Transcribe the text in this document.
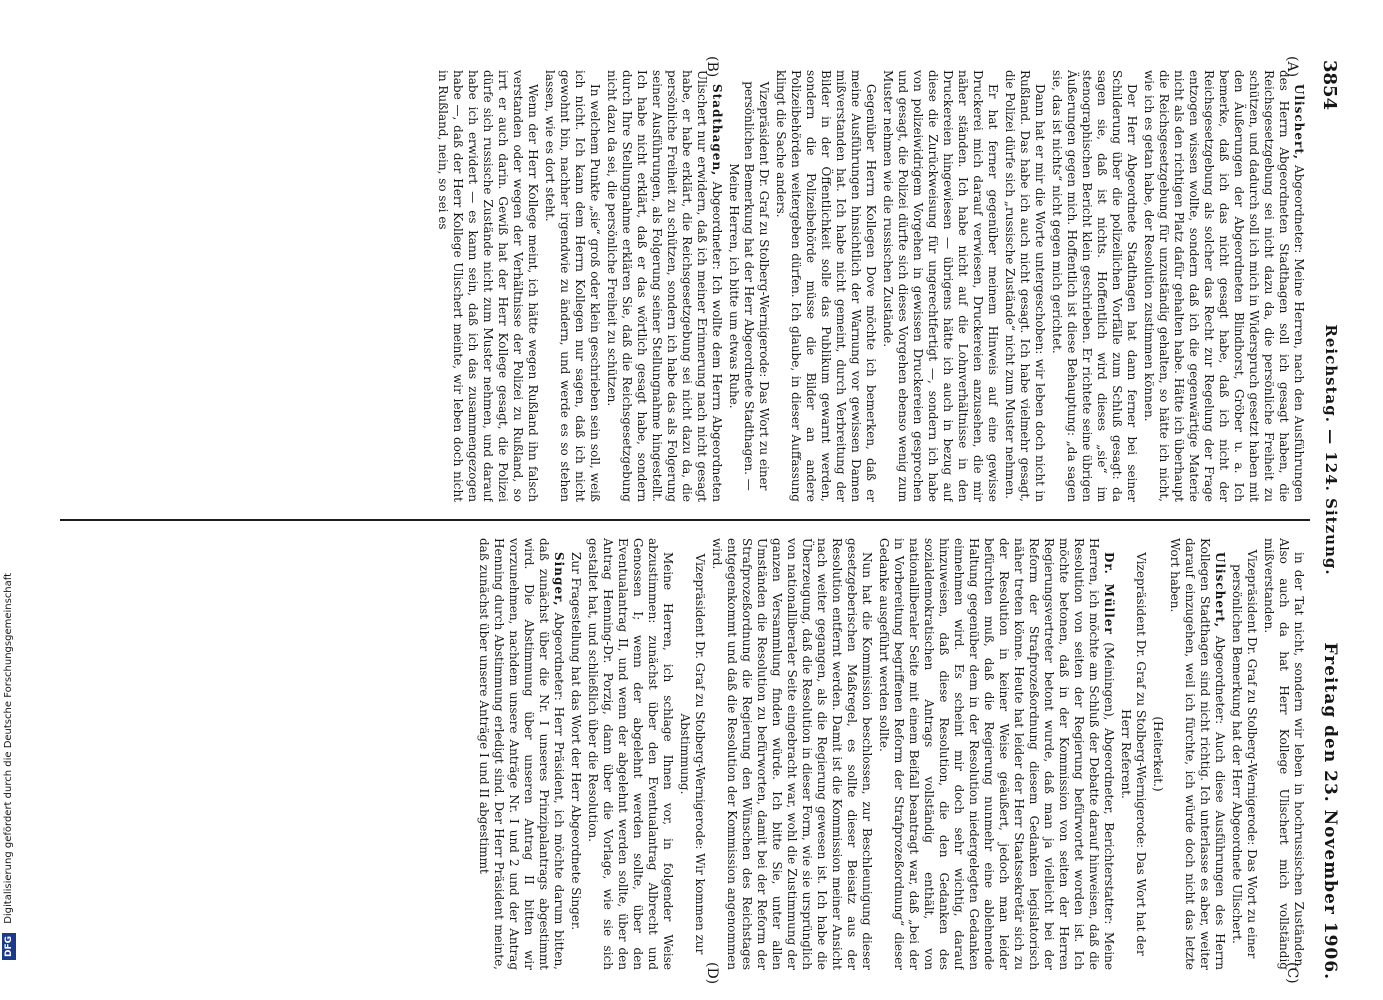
3854
Reichstag. — 124. Sitzung.
Freitag den 23. November 1906.
(A)
(B)
(C)
(D)

Ulischert, Abgeordneter: Meine Herren, nach den Ausführungen des Herrn Abgeordneten Stadthagen soll ich gesagt haben, die Reichsgesetzgebung sei nicht dazu da, die persönliche Freiheit zu schützen, und dadurch soll ich mich in Widerspruch gesetzt haben mit den Äußerungen der Abgeordneten Blindhorst, Gröber u. a. Ich bemerke, daß ich das nicht gesagt habe, daß ich nicht der Reichsgesetzgebung als solcher das Recht zur Regelung der Frage entzogen wissen wollte, sondern daß ich die gegenwärtige Materie nicht als den richtigen Platz dafür gehalten habe. Hätte ich überhaupt die Reichsgesetzgebung für unzuständig gehalten, so hätte ich nicht, wie ich es getan habe, der Resolution zustimmen können.

Der Herr Abgeordnete Stadthagen hat dann ferner bei seiner Schilderung über die polizeilichen Vorfälle zum Schluß gesagt: da sagen sie, daß ist nichts. Hoffentlich wird dieses „sie“ im stenographischen Bericht klein geschrieben. Er richtete seine übrigen Äußerungen gegen mich. Hoffentlich ist diese Behauptung: „da sagen sie, das ist nichts“ nicht gegen mich gerichtet.

Dann hat er mir die Worte untergeschoben: wir leben doch nicht in Rußland. Das habe ich auch nicht gesagt. Ich habe vielmehr gesagt, die Polizei dürfe sich „russische Zustände“ nicht zum Muster nehmen.

Er hat ferner gegenüber meinem Hinweis auf eine gewisse Druckerei mich darauf verwiesen, Druckereien anzusehen, die mir näher ständen. Ich habe nicht auf die Lohnverhältnisse in den Druckereien hingewiesen — übrigens hätte ich auch in bezug auf diese die Zurückweisung für ungerechtfertigt —, sondern ich habe von polizeiwidrigem Vorgehen in gewissen Druckereien gesprochen und gesagt, die Polizei dürfte sich dieses Vorgehen ebenso wenig zum Muster nehmen wie die russischen Zustände.

Gegenüber Herrn Kollegen Dove möchte ich bemerken, daß er meine Ausführungen hinsichtlich der Warnung vor gewissen Damen mißverstanden hat. Ich habe nicht gemeint, durch Verbreitung der Bilder in der Öffentlichkeit solle das Publikum gewarnt werden, sondern die Polizeibehörde müsse die Bilder an andere Polizeibehörden weitergeben dürfen. Ich glaube, in dieser Auffassung klingt die Sache anders.

Vizepräsident Dr. Graf zu Stolberg-Wernigerode: Das Wort zu einer persönlichen Bemerkung hat der Herr Abgeordnete Stadthagen. — Meine Herren, ich bitte um etwas Ruhe.

Stadthagen, Abgeordneter: Ich wollte dem Herrn Abgeordneten Ulischert nur erwidern, daß ich meiner Erinnerung nach nicht gesagt habe, er habe erklärt, die Reichsgesetzgebung sei nicht dazu da, die persönliche Freiheit zu schützen, sondern ich habe das als Folgerung seiner Ausführungen, als Folgerung seiner Stellungnahme hingestellt. Ich habe nicht erklärt, daß er das wörtlich gesagt habe, sondern durch Ihre Stellungnahme erklären Sie, daß die Reichsgesetzgebung nicht dazu da sei, die persönliche Freiheit zu schützen.

In welchem Punkte „sie“ groß oder klein geschrieben sein soll, weiß ich nicht. Ich kann dem Herrn Kollegen nur sagen, daß ich nicht gewohnt bin, nachher irgendwie zu ändern, und werde es so stehen lassen, wie es dort steht.

Wenn der Herr Kollege meint, ich hätte wegen Rußland ihn falsch verstanden oder wegen der Verhältnisse der Polizei zu Rußland, so irrt er auch darin. Gewiß hat der Herr Kollege gesagt, die Polizei dürfe sich russische Zustände nicht zum Muster nehmen, und darauf habe ich erwidert — es kann sein, daß ich das zusammengezogen habe —, daß der Herr Kollege Ulischert meinte, wir leben doch nicht in Rußland, nein, so sei es

in der Tat nicht, sondern wir leben in hochrussischen Zuständen. Also auch da hat Herr Kollege Ulischert mich vollständig mißverstanden.

Vizepräsident Dr. Graf zu Stolberg-Wernigerode: Das Wort zu einer persönlichen Bemerkung hat der Herr Abgeordnete Ulischert.

Ulischert, Abgeordneter: Auch diese Ausführungen des Herrn Kollegen Stadthagen sind nicht richtig. Ich unterlasse es aber, weiter darauf einzugehen, weil ich fürchte, ich würde doch nicht das letzte Wort haben.

(Heiterkeit.)

Vizepräsident Dr. Graf zu Stolberg-Wernigerode: Das Wort hat der Herr Referent.

Dr. Müller (Meiningen), Abgeordneter, Berichterstatter: Meine Herren, ich möchte am Schluß der Debatte darauf hinweisen, daß die Resolution von seiten der Regierung befürwortet worden ist. Ich möchte betonen, daß in der Kommission von seiten der Herren Regierungsvertreter betont wurde, daß man ja vielleicht bei der Reform der Strafprozeßordnung diesem Gedanken legislatorisch näher treten könne. Heute hat leider der Herr Staatssekretär sich zu der Resolution in keiner Weise geäußert, jedoch man leider befürchten muß, daß die Regierung nunmehr eine ablehnende Haltung gegenüber dem in der Resolution niedergelegten Gedanken einnehmen wird. Es scheint mir doch sehr wichtig, darauf hinzuweisen, daß diese Resolution, die den Gedanken des sozialdemokratischen Antrags vollständig enthält, von nationalliberaler Seite mit einem Beifall beantragt war, daß „bei der in Vorbereitung begriffenen Reform der Strafprozeßordnung“ dieser Gedanke ausgeführt werden sollte.

Nun hat die Kommission beschlossen, zur Beschleunigung dieser gesetzgeberischen Maßregel, es sollte dieser Beisatz aus der Resolution entfernt werden. Damit ist die Kommission meiner Ansicht nach weiter gegangen, als die Regierung gewesen ist. Ich habe die Überzeugung, daß die Resolution in dieser Form, wie sie ursprünglich von nationalliberaler Seite eingebracht war, wohl die Zustimmung der ganzen Versammlung finden würde. Ich bitte Sie, unter allen Umständen die Resolution zu befürworten, damit bei der Reform der Strafprozeßordnung die Regierung den Wünschen des Reichstages entgegenkommt und daß die Resolution der Kommission angenommen wird.

Vizepräsident Dr. Graf zu Stolberg-Wernigerode: Wir kommen zur Abstimmung.

Meine Herren, ich schlage Ihnen vor, in folgender Weise abzustimmen: zunächst über den Eventualantrag Albrecht und Genossen I; wenn der abgelehnt werden sollte, über den Eventualantrag II, und wenn der abgelehnt werden sollte, über den Antrag Henning-Dr. Porzig, dann über die Vorlage, wie sie sich gestaltet hat, und schließlich über die Resolution.

Zur Fragestellung hat das Wort der Herr Abgeordnete Singer.

Singer, Abgeordneter: Herr Präsident, ich möchte darum bitten, daß zunächst über die Nr. I unseres Prinzipalantrags abgestimmt wird. Die Abstimmung über unseren Antrag II bitten wir vorzunehmen, nachdem unsere Anträge Nr. I und 2 und der Antrag Henning durch Abstimmung erledigt sind. Der Herr Präsident meinte, daß zunächst über unsere Anträge I und II abgestimmt

DFG Digitalisierung gefördert durch die Deutsche Forschungsgemeinschaft
